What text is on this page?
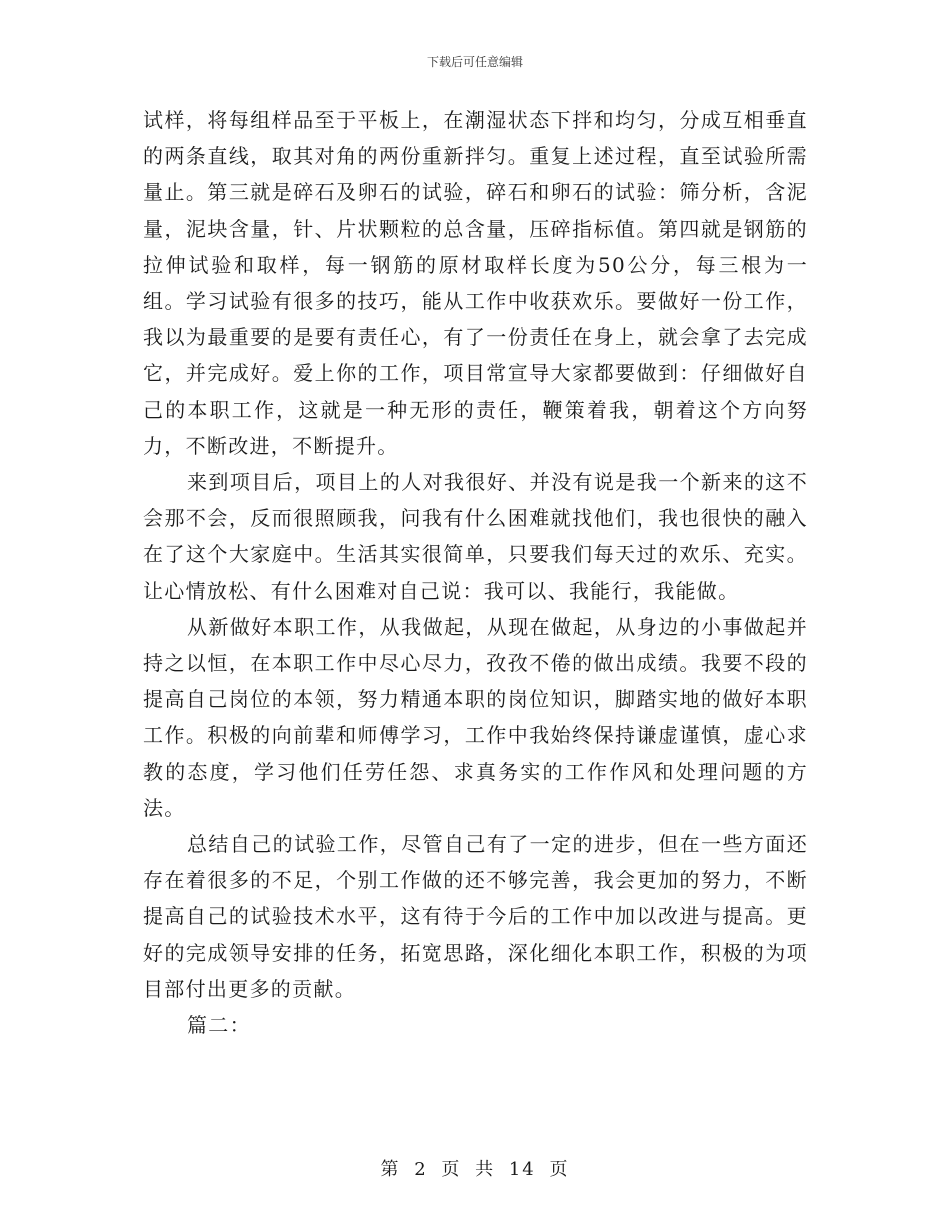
下载后可任意编辑

试样，将每组样品至于平板上，在潮湿状态下拌和均匀，分成互相垂直的两条直线，取其对角的两份重新拌匀。重复上述过程，直至试验所需量止。第三就是碎石及卵石的试验，碎石和卵石的试验：筛分析，含泥量，泥块含量，针、片状颗粒的总含量，压碎指标值。第四就是钢筋的拉伸试验和取样，每一钢筋的原材取样长度为50公分，每三根为一组。学习试验有很多的技巧，能从工作中收获欢乐。要做好一份工作，我以为最重要的是要有责任心，有了一份责任在身上，就会拿了去完成它，并完成好。爱上你的工作，项目常宣导大家都要做到：仔细做好自己的本职工作，这就是一种无形的责任，鞭策着我，朝着这个方向努力，不断改进，不断提升。

来到项目后，项目上的人对我很好、并没有说是我一个新来的这不会那不会，反而很照顾我，问我有什么困难就找他们，我也很快的融入在了这个大家庭中。生活其实很简单，只要我们每天过的欢乐、充实。让心情放松、有什么困难对自己说：我可以、我能行，我能做。

从新做好本职工作，从我做起，从现在做起，从身边的小事做起并持之以恒，在本职工作中尽心尽力，孜孜不倦的做出成绩。我要不段的提高自己岗位的本领，努力精通本职的岗位知识，脚踏实地的做好本职工作。积极的向前辈和师傅学习，工作中我始终保持谦虚谨慎，虚心求教的态度，学习他们任劳任怨、求真务实的工作作风和处理问题的方法。

总结自己的试验工作，尽管自己有了一定的进步，但在一些方面还存在着很多的不足，个别工作做的还不够完善，我会更加的努力，不断提高自己的试验技术水平，这有待于今后的工作中加以改进与提高。更好的完成领导安排的任务，拓宽思路，深化细化本职工作，积极的为项目部付出更多的贡献。

篇二：

第 2 页 共 14 页
